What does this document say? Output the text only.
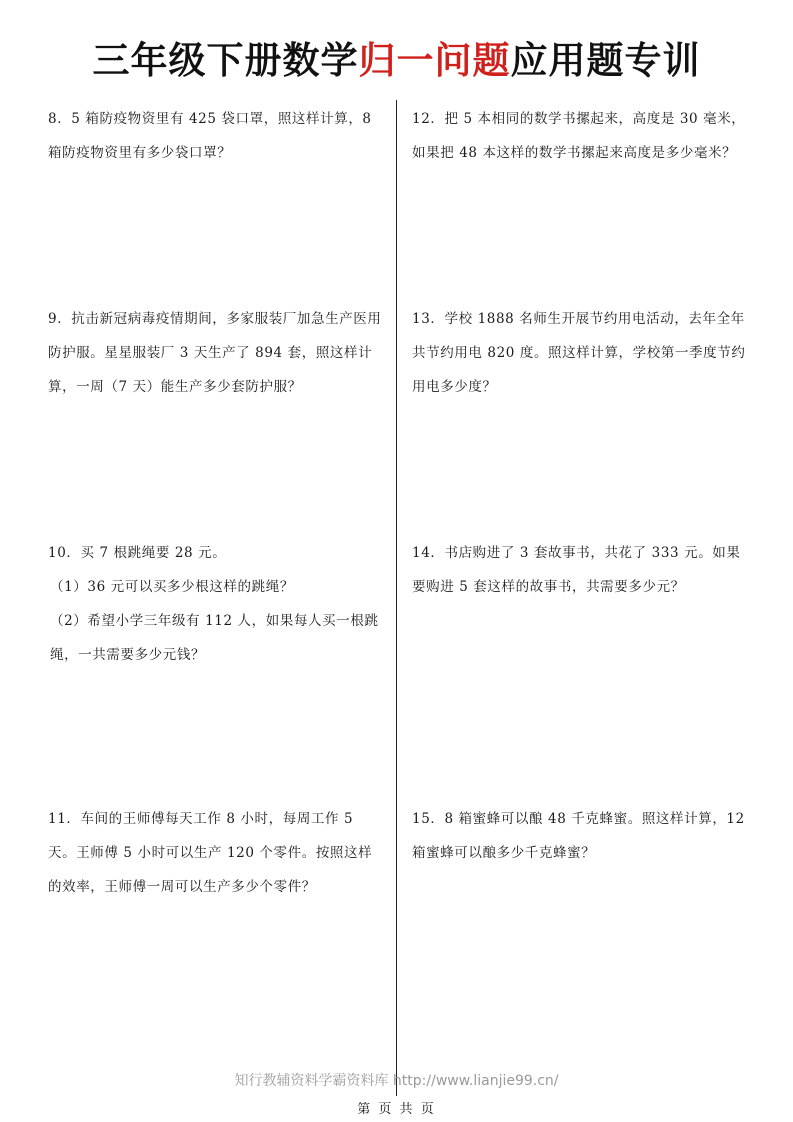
三年级下册数学归一问题应用题专训

8．5 箱防疫物资里有 425 袋口罩，照这样计算，8 箱防疫物资里有多少袋口罩？

9．抗击新冠病毒疫情期间，多家服装厂加急生产医用防护服。星星服装厂 3 天生产了 894 套，照这样计算，一周（7 天）能生产多少套防护服？

10．买 7 根跳绳要 28 元。

（1）36 元可以买多少根这样的跳绳？

（2）希望小学三年级有 112 人，如果每人买一根跳绳，一共需要多少元钱？

11．车间的王师傅每天工作 8 小时，每周工作 5 天。王师傅 5 小时可以生产 120 个零件。按照这样的效率，王师傅一周可以生产多少个零件？

12．把 5 本相同的数学书摞起来，高度是 30 毫米，如果把 48 本这样的数学书摞起来高度是多少毫米？

13．学校 1888 名师生开展节约用电活动，去年全年共节约用电 820 度。照这样计算，学校第一季度节约用电多少度？

14．书店购进了 3 套故事书，共花了 333 元。如果要购进 5 套这样的故事书，共需要多少元？

15．8 箱蜜蜂可以酿 48 千克蜂蜜。照这样计算，12 箱蜜蜂可以酿多少千克蜂蜜？

知行教辅资料学霸资料库 http://www.lianjie99.cn/
第 页 共 页
